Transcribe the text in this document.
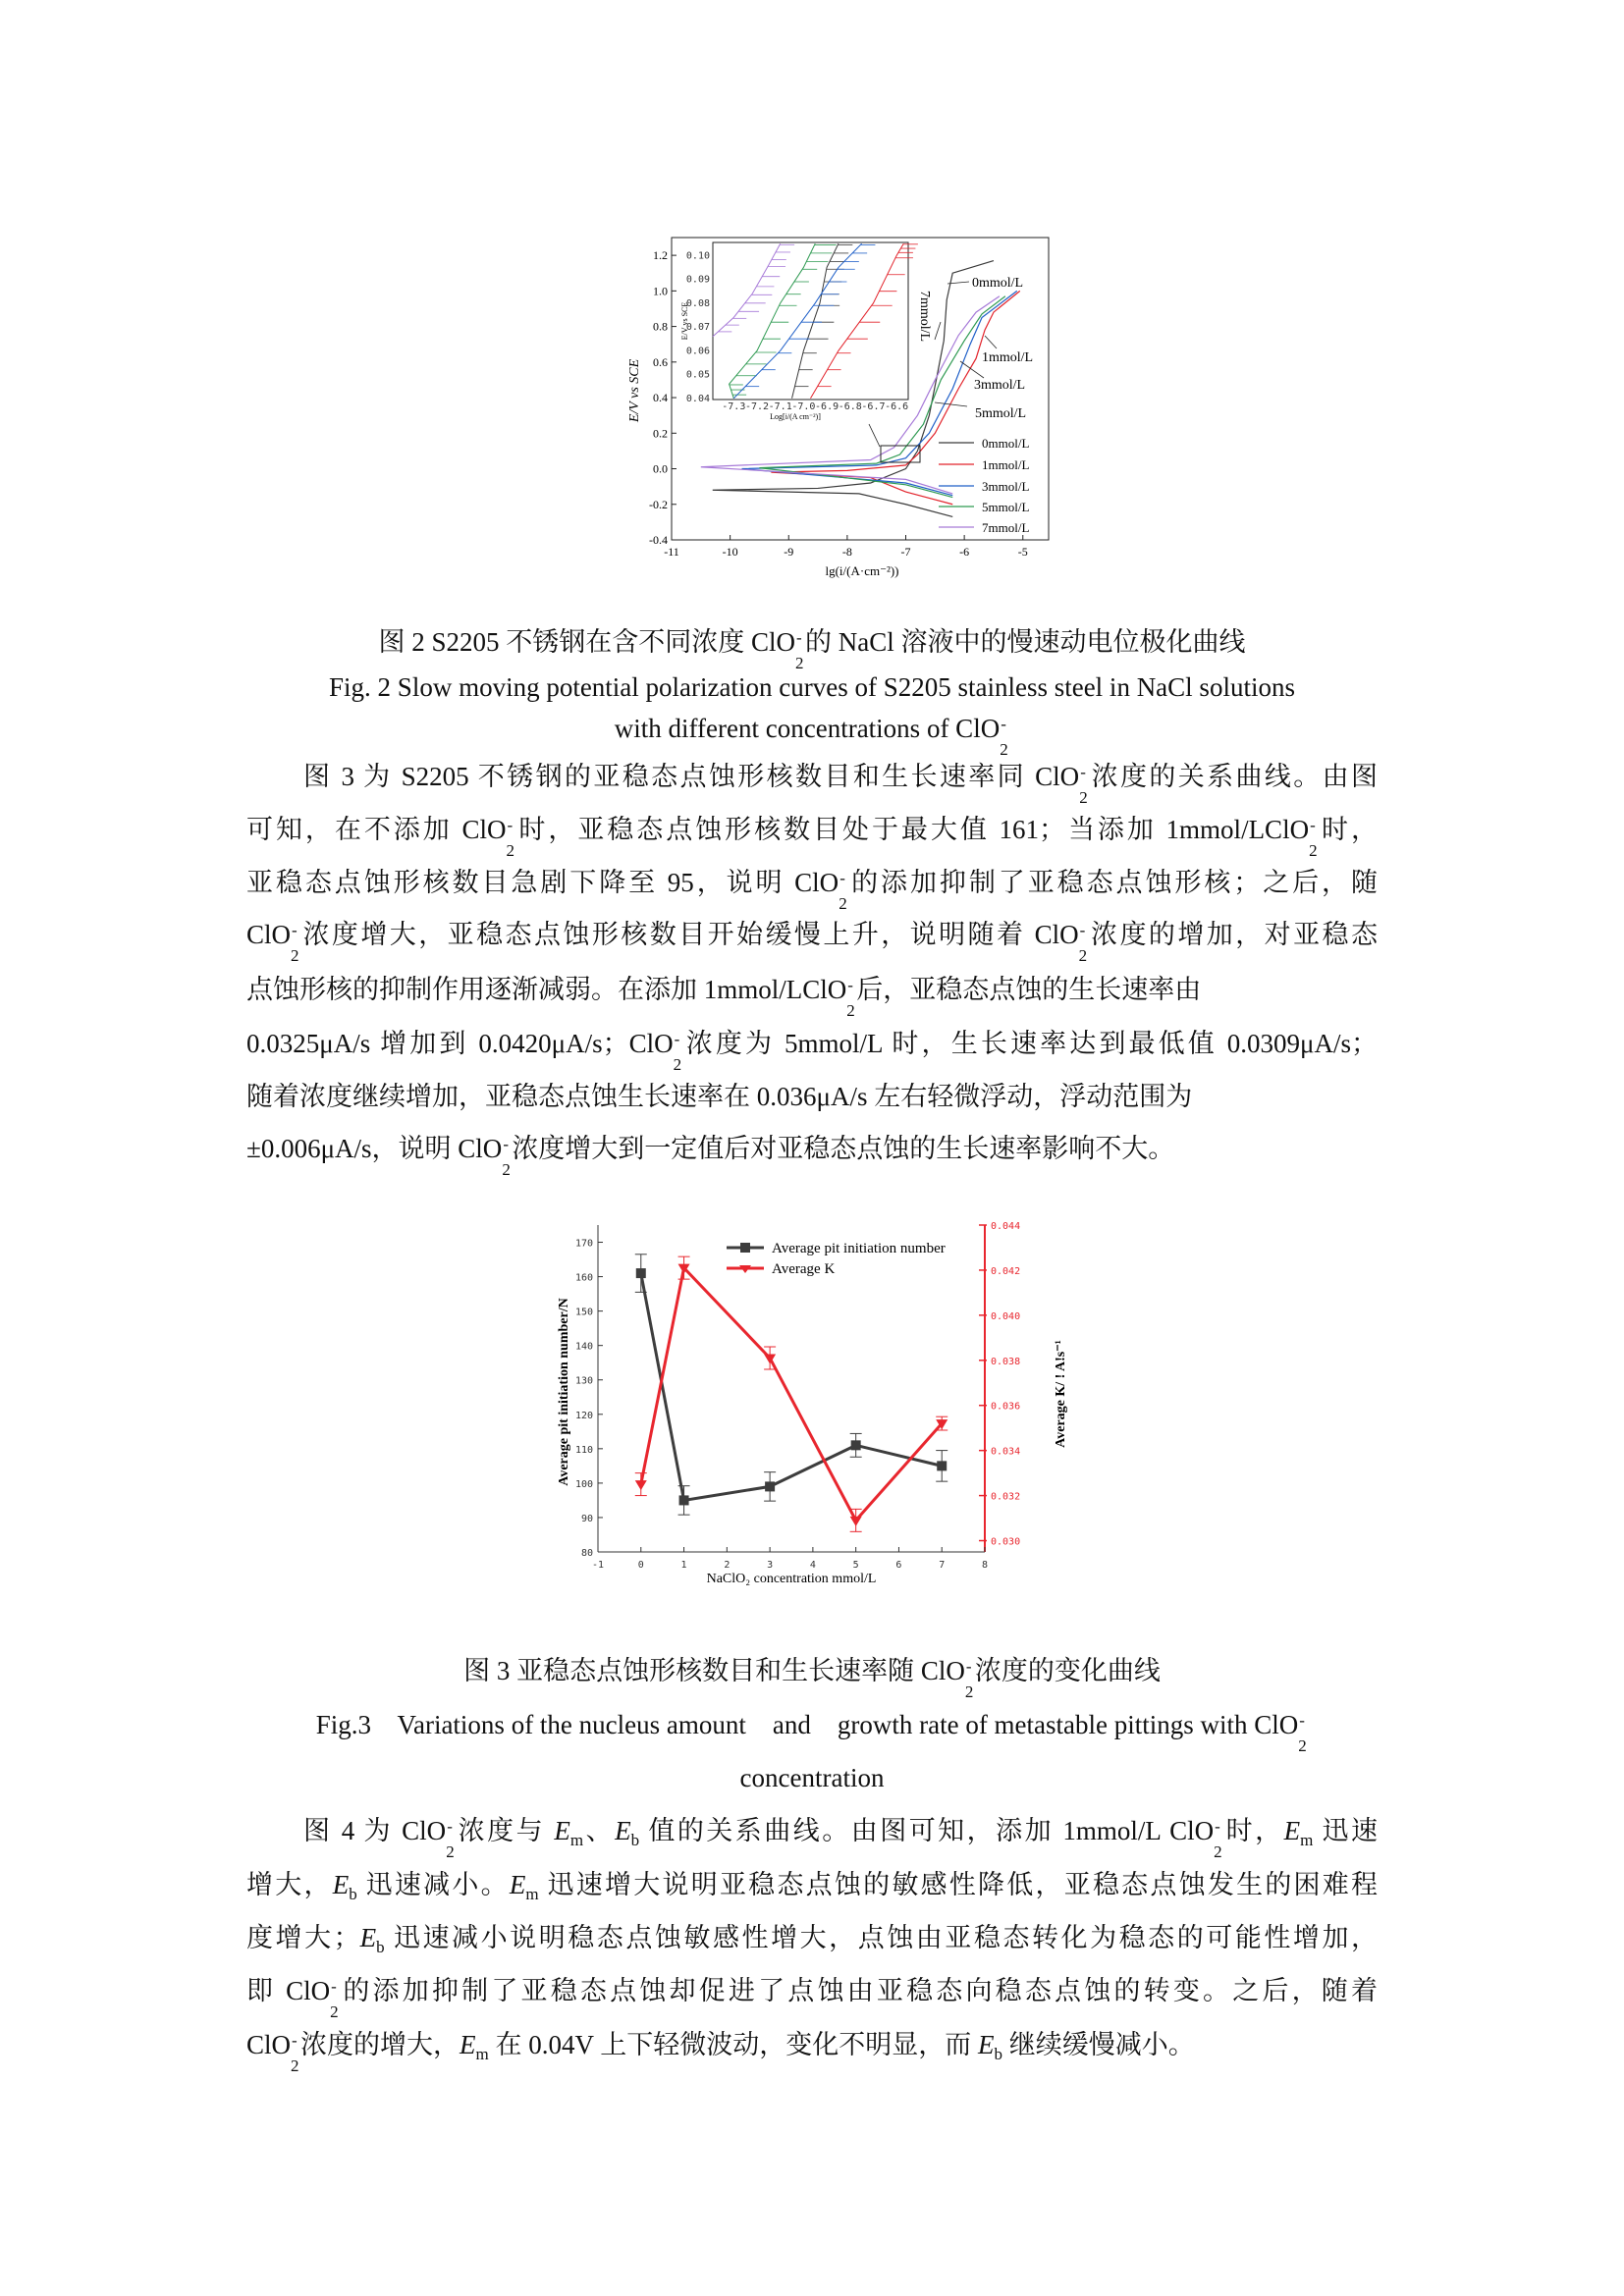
-11	-10	-9	-8	-7	-6	-5
-0.4
-0.2
0.0
0.2
0.4
0.6
0.8
1.0
1.2
lg(i/(A·cm⁻²))
E/V vs SCE
0mmol/L
1mmol/L
3mmol/L
5mmol/L
7mmol/L
0mmol/L
1mmol/L
3mmol/L
5mmol/L
7mmol/L
-7.3 -7.2 -7.1 -7.0 -6.9 -6.8 -6.7 -6.6
0.04
0.05
0.06
0.07
0.08
0.09
0.10
Log[i/(A cm⁻²)]
E/V vs SCE
-1	0	1	2	3	4	5	6	7	8
80
90
100
110
120
130
140
150
160
170
0.030
0.032
0.034
0.036
0.038
0.040
0.042
0.044
NaClO₂ concentration mmol/L
Average pit initiation number/N	Average K/ ! A!s⁻¹
Average pit initiation number
Average K
图 2 S2205 不锈钢在含不同浓度 ClO
2
- 的 NaCl 溶液中的慢速动电位极化曲线
Fig. 2 Slow moving potential polarization curves of S2205 stainless steel in NaCl solutions
with different concentrations of ClO
2
-
图 3 为 S2205 不锈钢的亚稳态点蚀形核数目和生长速率同 ClO
2
- 浓度的关系曲线。由图
可知，在不添加 ClO
2
- 时，亚稳态点蚀形核数目处于最大值 161；当添加 1mmol/LClO
2
- 时，
亚稳态点蚀形核数目急剧下降至 95，说明 ClO
2
- 的添加抑制了亚稳态点蚀形核；之后，随
ClO
2
- 浓度增大，亚稳态点蚀形核数目开始缓慢上升，说明随着 ClO
2
- 浓度的增加，对亚稳态
点蚀形核的抑制作用逐渐减弱。在添加 1mmol/LClO
2
- 后，亚稳态点蚀的生长速率由
0.0325μA/s 增加到 0.0420μA/s；ClO
2
- 浓度为 5mmol/L 时，生长速率达到最低值 0.0309μA/s；
随着浓度继续增加，亚稳态点蚀生长速率在 0.036μA/s 左右轻微浮动，浮动范围为
±0.006μA/s，说明 ClO
2
- 浓度增大到一定值后对亚稳态点蚀的生长速率影响不大。
图 3 亚稳态点蚀形核数目和生长速率随 ClO
2
- 浓度的变化曲线
Fig.3    Variations of the nucleus amount    and    growth rate of metastable pittings with ClO
2
-
concentration
图 4 为 ClO
2
- 浓度与 $E_m$、$E_b$ 值的关系曲线。由图可知，添加 1mmol/L ClO
2
- 时，$E_m$ 迅速
增大，$E_b$ 迅速减小。$E_m$ 迅速增大说明亚稳态点蚀的敏感性降低，亚稳态点蚀发生的困难程
度增大；$E_b$ 迅速减小说明稳态点蚀敏感性增大，点蚀由亚稳态转化为稳态的可能性增加，
即 ClO
2
- 的添加抑制了亚稳态点蚀却促进了点蚀由亚稳态向稳态点蚀的转变。之后，随着
ClO
2
- 浓度的增大，$E_m$ 在 0.04V 上下轻微波动，变化不明显，而 $E_b$ 继续缓慢减小。
